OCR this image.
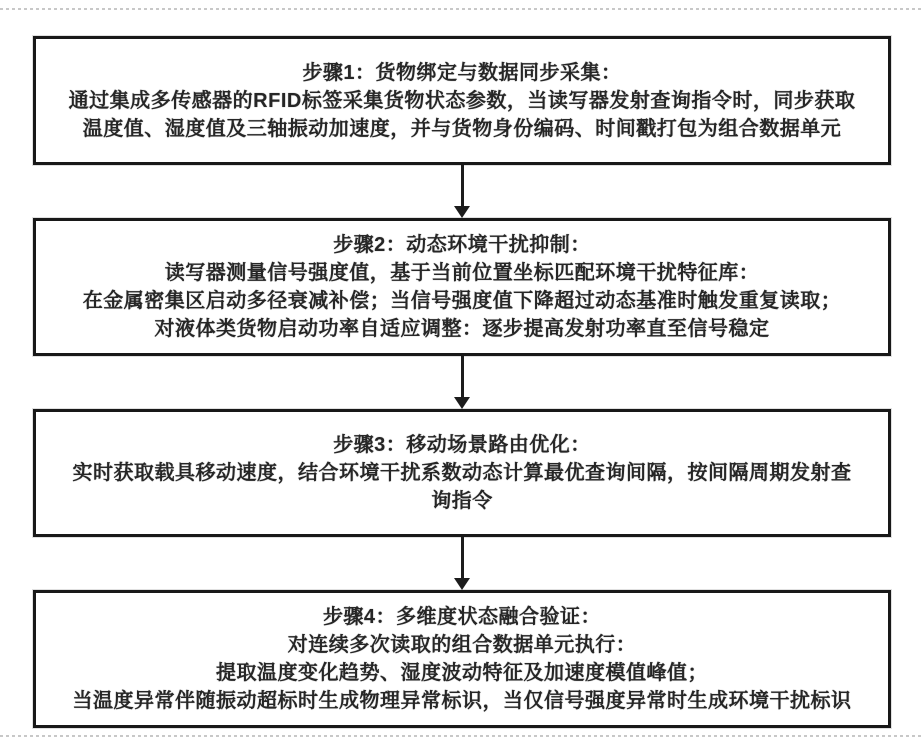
步骤1：货物绑定与数据同步采集：
通过集成多传感器的RFID标签采集货物状态参数，当读写器发射查询指令时，同步获取
温度值、湿度值及三轴振动加速度，并与货物身份编码、时间戳打包为组合数据单元
步骤2：动态环境干扰抑制：
读写器测量信号强度值，基于当前位置坐标匹配环境干扰特征库：
在金属密集区启动多径衰减补偿；当信号强度值下降超过动态基准时触发重复读取；
对液体类货物启动功率自适应调整：逐步提高发射功率直至信号稳定
步骤3：移动场景路由优化：
实时获取载具移动速度，结合环境干扰系数动态计算最优查询间隔，按间隔周期发射查
询指令
步骤4：多维度状态融合验证：
对连续多次读取的组合数据单元执行：
提取温度变化趋势、湿度波动特征及加速度模值峰值；
当温度异常伴随振动超标时生成物理异常标识，当仅信号强度异常时生成环境干扰标识
